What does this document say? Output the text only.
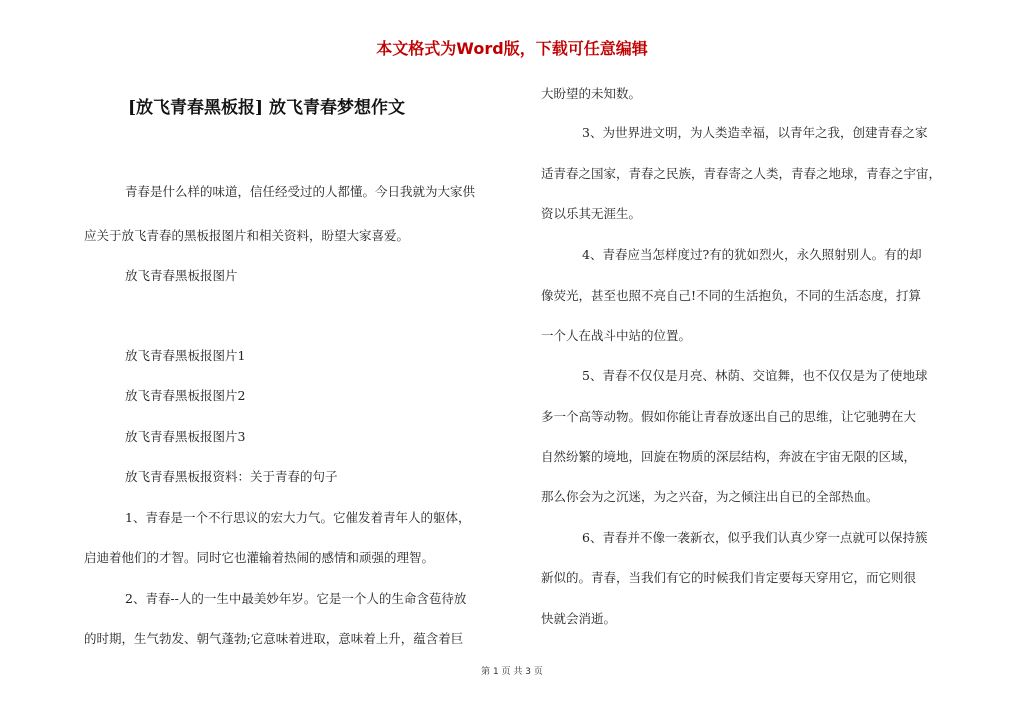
本文格式为Word版，下载可任意编辑
[放飞青春黑板报] 放飞青春梦想作文
青春是什么样的味道，信任经受过的人都懂。今日我就为大家供
应关于放飞青春的黑板报图片和相关资料，盼望大家喜爱。
放飞青春黑板报图片
放飞青春黑板报图片1
放飞青春黑板报图片2
放飞青春黑板报图片3
放飞青春黑板报资料：关于青春的句子
1、青春是一个不行思议的宏大力气。它催发着青年人的躯体，
启迪着他们的才智。同时它也灌输着热闹的感情和顽强的理智。
2、青春--人的一生中最美妙年岁。它是一个人的生命含苞待放
的时期，生气勃发、朝气蓬勃;它意味着进取，意味着上升，蕴含着巨
大盼望的未知数。
3、为世界进文明，为人类造幸福，以青年之我，创建青春之家
适青春之国家，青春之民族，青春寄之人类，青春之地球，青春之宇宙，
资以乐其无涯生。
4、青春应当怎样度过?有的犹如烈火，永久照射别人。有的却
像荧光，甚至也照不亮自己!不同的生活抱负，不同的生活态度，打算
一个人在战斗中站的位置。
5、青春不仅仅是月亮、林荫、交谊舞，也不仅仅是为了使地球
多一个高等动物。假如你能让青春放逐出自己的思维，让它驰骋在大
自然纷繁的境地，回旋在物质的深层结构，奔波在宇宙无限的区域，
那么你会为之沉迷，为之兴奋，为之倾注出自已的全部热血。
6、青春并不像一袭新衣，似乎我们认真少穿一点就可以保持簇
新似的。青春，当我们有它的时候我们肯定要每天穿用它，而它则很
快就会消逝。
第 1 页 共 3 页
